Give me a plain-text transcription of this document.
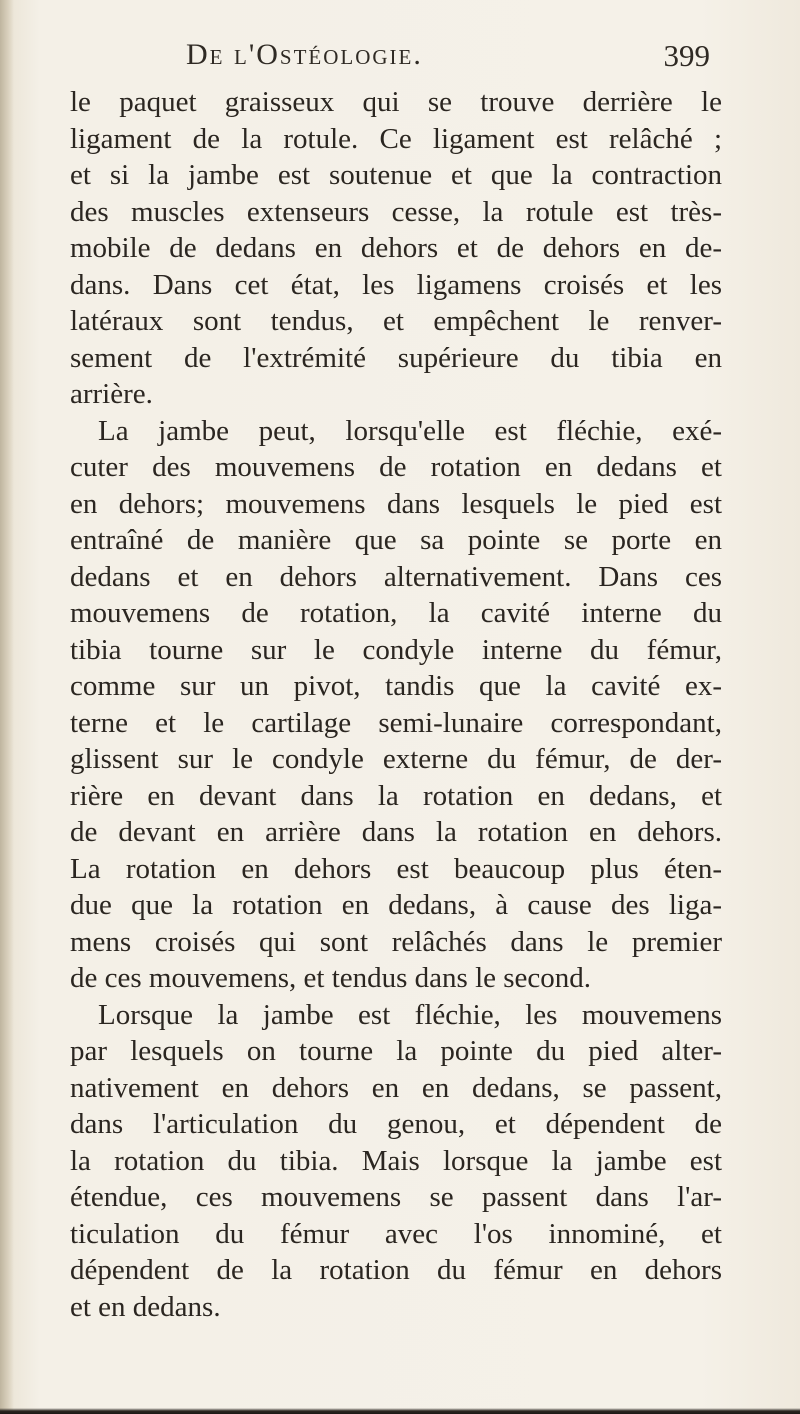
De l'Ostéologie.	399
le paquet graisseux qui se trouve derrière le
ligament de la rotule. Ce ligament est relâché ;
et si la jambe est soutenue et que la contraction
des muscles extenseurs cesse, la rotule est très-
mobile de dedans en dehors et de dehors en de-
dans. Dans cet état, les ligamens croisés et les
latéraux sont tendus, et empêchent le renver-
sement de l'extrémité supérieure du tibia en
arrière.
La jambe peut, lorsqu'elle est fléchie, exé-
cuter des mouvemens de rotation en dedans et
en dehors; mouvemens dans lesquels le pied est
entraîné de manière que sa pointe se porte en
dedans et en dehors alternativement. Dans ces
mouvemens de rotation, la cavité interne du
tibia tourne sur le condyle interne du fémur,
comme sur un pivot, tandis que la cavité ex-
terne et le cartilage semi-lunaire correspondant,
glissent sur le condyle externe du fémur, de der-
rière en devant dans la rotation en dedans, et
de devant en arrière dans la rotation en dehors.
La rotation en dehors est beaucoup plus éten-
due que la rotation en dedans, à cause des liga-
mens croisés qui sont relâchés dans le premier
de ces mouvemens, et tendus dans le second.
Lorsque la jambe est fléchie, les mouvemens
par lesquels on tourne la pointe du pied alter-
nativement en dehors en en dedans, se passent,
dans l'articulation du genou, et dépendent de
la rotation du tibia. Mais lorsque la jambe est
étendue, ces mouvemens se passent dans l'ar-
ticulation du fémur avec l'os innominé, et
dépendent de la rotation du fémur en dehors
et en dedans.
